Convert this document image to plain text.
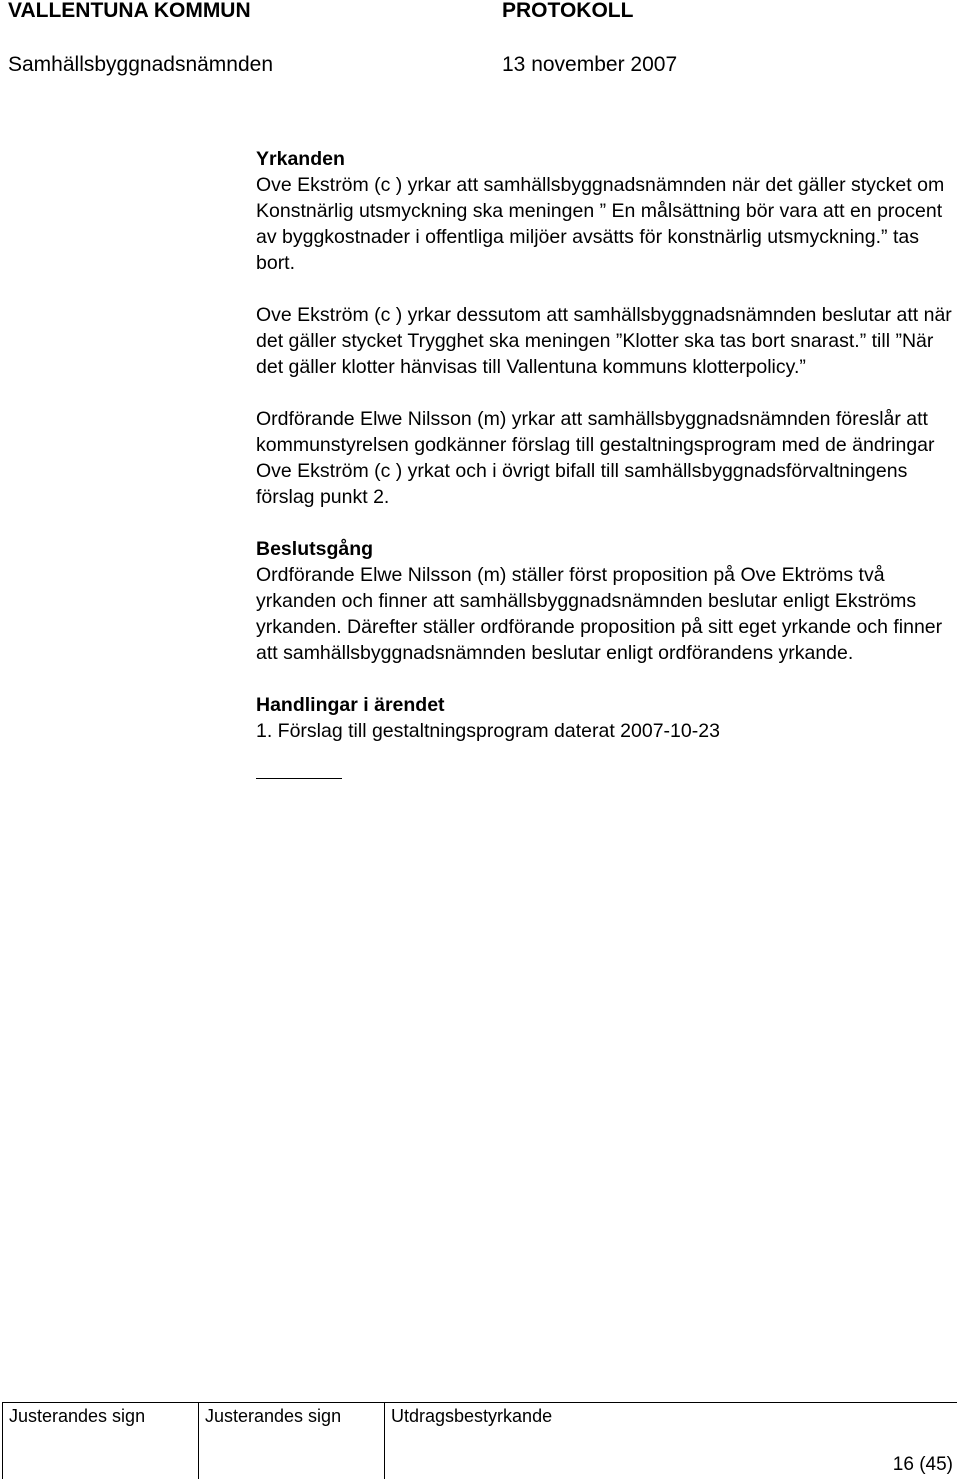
VALLENTUNA KOMMUN	PROTOKOLL
Samhällsbyggnadsnämnden	13 november 2007
Yrkanden

Ove Ekström (c ) yrkar att samhällsbyggnadsnämnden när det gäller stycket om Konstnärlig utsmyckning ska meningen ” En målsättning bör vara att en procent av byggkostnader i offentliga miljöer avsätts för konstnärlig utsmyckning.” tas bort.

Ove Ekström (c ) yrkar dessutom att samhällsbyggnadsnämnden beslutar att när det gäller stycket Trygghet ska meningen ”Klotter ska tas bort snarast.” till ”När det gäller klotter hänvisas till Vallentuna kommuns klotterpolicy.”

Ordförande Elwe Nilsson (m) yrkar att samhällsbyggnadsnämnden föreslår att kommunstyrelsen godkänner förslag till gestaltningsprogram med de ändringar Ove Ekström (c ) yrkat och i övrigt bifall till samhällsbyggnadsförvaltningens förslag punkt 2.

Beslutsgång

Ordförande Elwe Nilsson (m) ställer först proposition på Ove Ektröms två yrkanden och finner att samhällsbyggnadsnämnden beslutar enligt Ekströms yrkanden. Därefter ställer ordförande proposition på sitt eget yrkande och finner att samhällsbyggnadsnämnden beslutar enligt ordförandens yrkande.

Handlingar i ärendet

1. Förslag till gestaltningsprogram daterat 2007-10-23

Justerandes sign	Justerandes sign	Utdragsbestyrkande
16 (45)
